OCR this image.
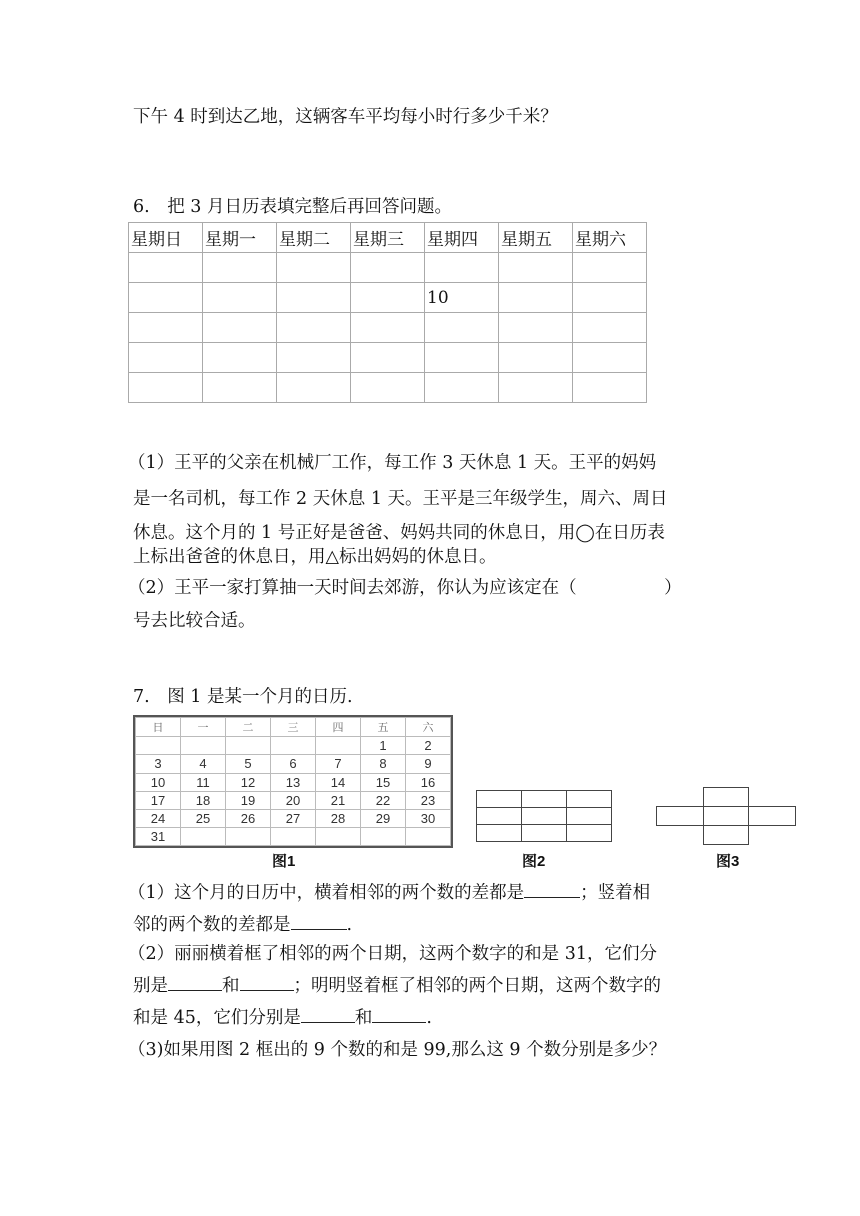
下午 4 时到达乙地，这辆客车平均每小时行多少千米？
6.　把 3 月日历表填完整后再回答问题。
星期日	星期一	星期二	星期三	星期四	星期五	星期六

				10		

（1）王平的父亲在机械厂工作，每工作 3 天休息 1 天。王平的妈妈
是一名司机，每工作 2 天休息 1 天。王平是三年级学生，周六、周日
休息。这个月的 1 号正好是爸爸、妈妈共同的休息日，用◯在日历表
上标出爸爸的休息日，用△标出妈妈的休息日。
（2）王平一家打算抽一天时间去郊游，你认为应该定在（　　　　　）
号去比较合适。
7.　图 1 是某一个月的日历.
日	一	二	三	四	五	六
					1	2
3	4	5	6	7	8	9
10	11	12	13	14	15	16
17	18	19	20	21	22	23
24	25	26	27	28	29	30
31						
图1

			图2	图3
（1）这个月的日历中，横着相邻的两个数的差都是	；竖着相
邻的两个数的差都是	.
（2）丽丽横着框了相邻的两个日期，这两个数字的和是 31，它们分
别是	和	；明明竖着框了相邻的两个日期，这两个数字的
和是 45，它们分别是	和	.
（3)如果用图 2 框出的 9 个数的和是 99,那么这 9 个数分别是多少？
